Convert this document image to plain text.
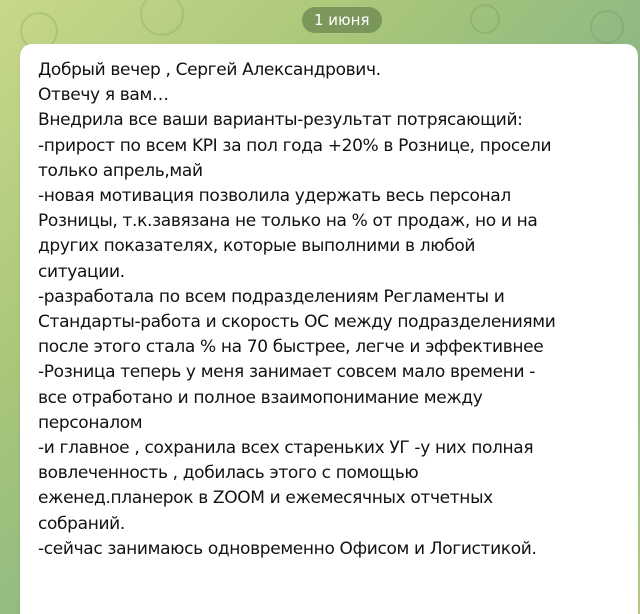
1 июня

Добрый вечер , Сергей Александрович.
Отвечу я вам…
Внедрила все ваши варианты-результат потрясающий:
-прирост по всем KPI за пол года +20% в Рознице, просели
только апрель,май
-новая мотивация позволила удержать весь персонал
Розницы, т.к.завязана не только на % от продаж, но и на
других показателях, которые выполними в любой
ситуации.
-разработала по всем подразделениям Регламенты и
Стандарты-работа и скорость ОС между подразделениями
после этого стала % на 70 быстрее, легче и эффективнее
-Розница теперь у меня занимает совсем мало времени -
все отработано и полное взаимопонимание между
персоналом
-и главное , сохранила всех старeньких УГ -у них полная
вовлеченность , добилась этого с помощью
еженед.планерок в ZOOM и ежемесячных отчетных
собраний.
-сейчас занимаюсь одновременно Офисом и Логистикой.
